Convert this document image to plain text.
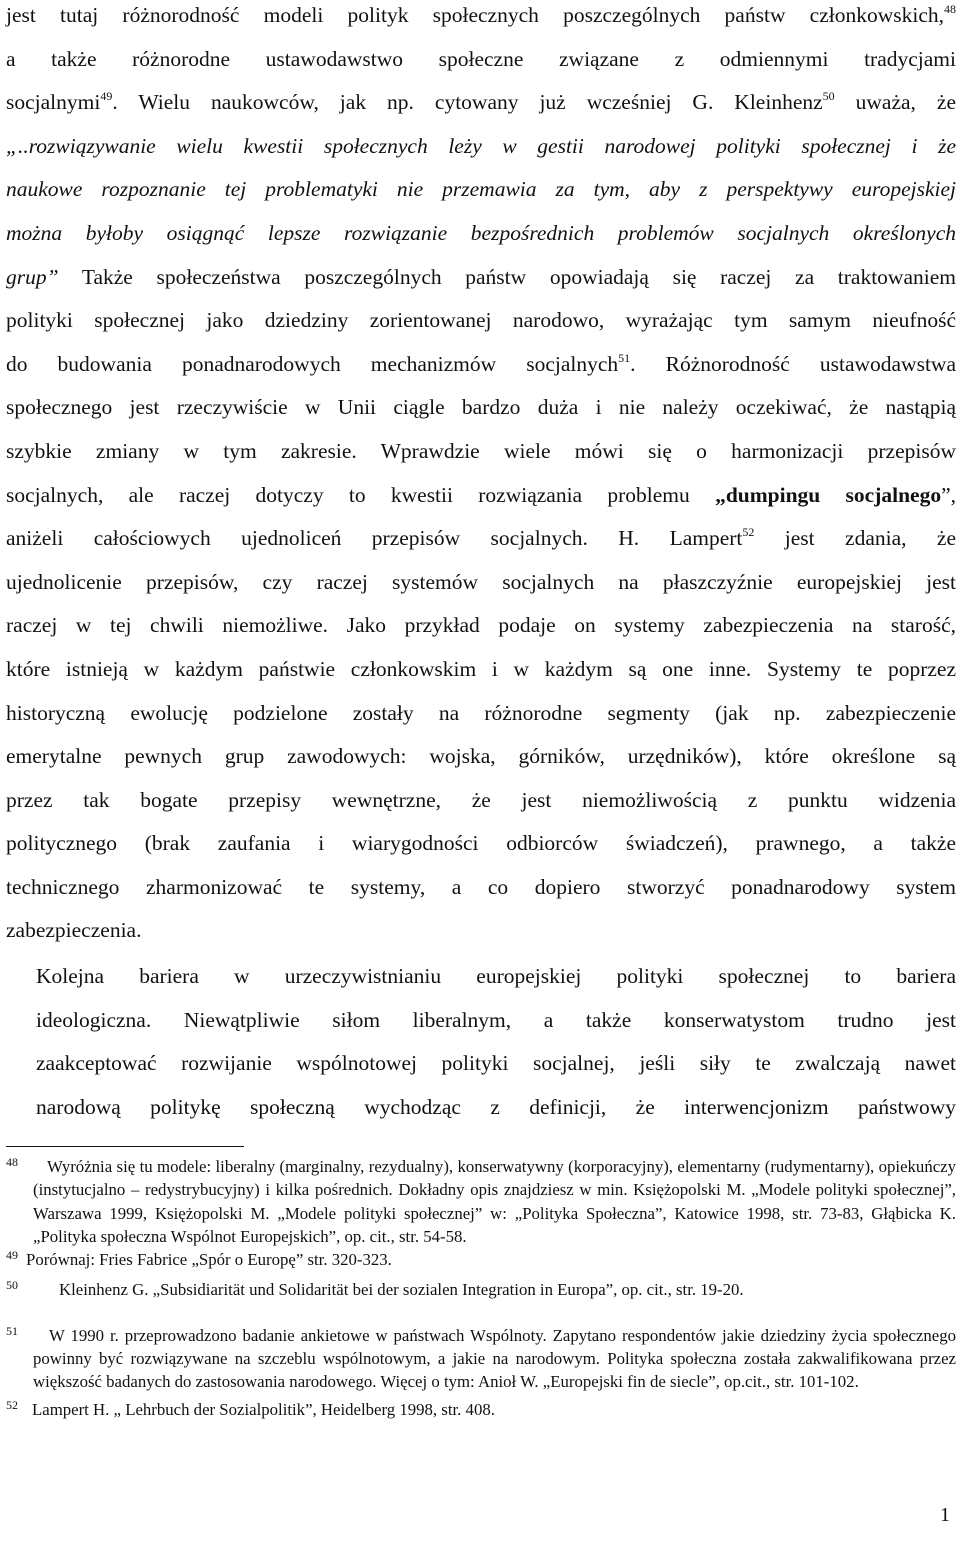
jest tutaj różnorodność modeli polityk społecznych poszczególnych państw członkowskich,$^{48}$
a także różnorodne ustawodawstwo społeczne związane z odmiennymi tradycjami
socjalnymi$^{49}$. Wielu naukowców, jak np. cytowany już wcześniej G. Kleinhenz$^{50}$ uważa, że
„..rozwiązywanie wielu kwestii społecznych leży w gestii narodowej polityki społecznej i że
naukowe rozpoznanie tej problematyki nie przemawia za tym, aby z perspektywy europejskiej
można byłoby osiągnąć lepsze rozwiązanie bezpośrednich problemów socjalnych określonych
grup” Także społeczeństwa poszczególnych państw opowiadają się raczej za traktowaniem
polityki społecznej jako dziedziny zorientowanej narodowo, wyrażając tym samym nieufność
do budowania ponadnarodowych mechanizmów socjalnych$^{51}$. Różnorodność ustawodawstwa
społecznego jest rzeczywiście w Unii ciągle bardzo duża i nie należy oczekiwać, że nastąpią
szybkie zmiany w tym zakresie. Wprawdzie wiele mówi się o harmonizacji przepisów
socjalnych, ale raczej dotyczy to kwestii rozwiązania problemu „dumpingu socjalnego”,
aniżeli całościowych ujednoliceń przepisów socjalnych. H. Lampert$^{52}$ jest zdania, że
ujednolicenie przepisów, czy raczej systemów socjalnych na płaszczyźnie europejskiej jest
raczej w tej chwili niemożliwe. Jako przykład podaje on systemy zabezpieczenia na starość,
które istnieją w każdym państwie członkowskim i w każdym są one inne. Systemy te poprzez
historyczną ewolucję podzielone zostały na różnorodne segmenty (jak np. zabezpieczenie
emerytalne pewnych grup zawodowych: wojska, górników, urzędników), które określone są
przez tak bogate przepisy wewnętrzne, że jest niemożliwością z punktu widzenia
politycznego (brak zaufania i wiarygodności odbiorców świadczeń), prawnego, a także
technicznego zharmonizować te systemy, a co dopiero stworzyć ponadnarodowy system
zabezpieczenia.
Kolejna bariera w urzeczywistnianiu europejskiej polityki społecznej to bariera
ideologiczna. Niewątpliwie siłom liberalnym, a także konserwatystom trudno jest
zaakceptować rozwijanie wspólnotowej polityki socjalnej, jeśli siły te zwalczają nawet
narodową politykę społeczną wychodząc z definicji, że interwencjonizm państwowy

48	Wyróżnia się tu modele: liberalny (marginalny, rezydualny), konserwatywny (korporacyjny), elementarny (rudymentarny), opiekuńczy (instytucjalno – redystrybucyjny) i kilka pośrednich. Dokładny opis znajdziesz w min. Księżopolski M. „Modele polityki społecznej”, Warszawa 1999, Księżopolski M. „Modele polityki społecznej” w: „Polityka Społeczna”, Katowice 1998, str. 73-83, Głąbicka K. „Polityka społeczna Wspólnot Europejskich”, op. cit., str. 54-58.

49 Porównaj: Fries Fabrice „Spór o Europę” str. 320-323.

50 Kleinhenz G. „Subsidiarität und Solidarität bei der sozialen Integration in Europa”, op. cit., str. 19-20.

51	W 1990 r. przeprowadzono badanie ankietowe w państwach Wspólnoty. Zapytano respondentów jakie dziedziny życia społecznego powinny być rozwiązywane na szczeblu wspólnotowym, a jakie na narodowym. Polityka społeczna została zakwalifikowana przez większość badanych do zastosowania narodowego. Więcej o tym: Anioł W. „Europejski fin de siecle”, op.cit., str. 101-102.

52 Lampert H. „ Lehrbuch der Sozialpolitik”, Heidelberg 1998, str. 408.

1
